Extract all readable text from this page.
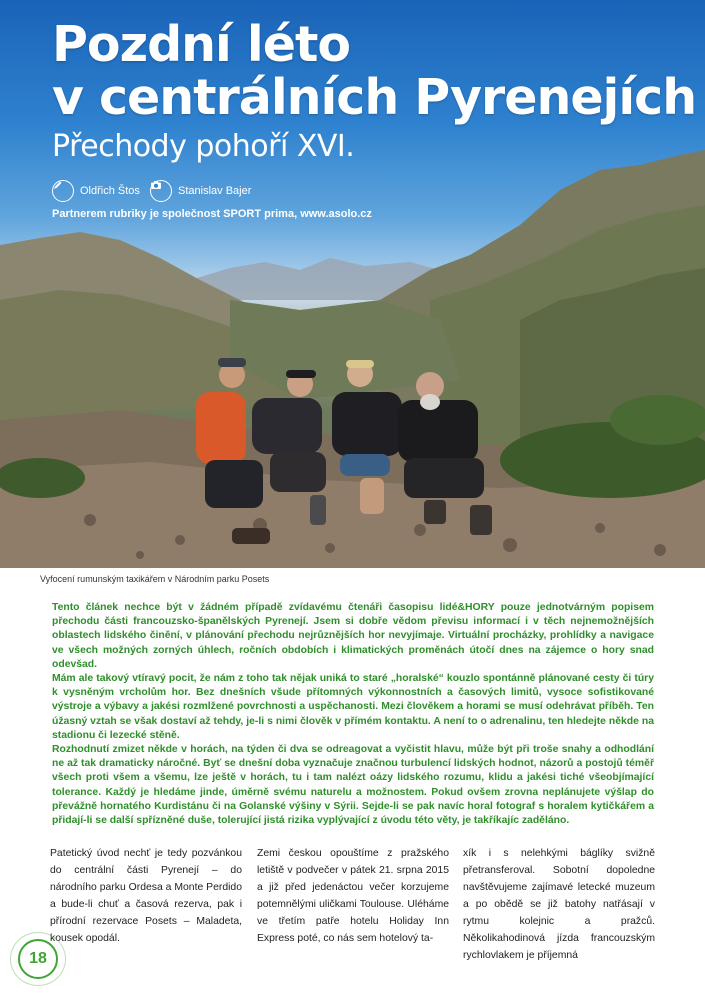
Pozdní léto
v centrálních Pyrenejích
Přechody pohoří XVI.
Oldřich Štos	Stanislav Bajer
Partnerem rubriky je společnost SPORT prima, www.asolo.cz
Vyfocení rumunským taxikářem v Národním parku Posets

Tento článek nechce být v žádném případě zvídavému čtenáři časopisu lidé&HORY pouze jednotvárným popisem přechodu části francouzsko-španělských Pyrenejí. Jsem si dobře vědom převisu informací i v těch nejnemožnějších oblastech lidského činění, v plánování přechodu nejrůznějších hor nevyjímaje. Virtuální procházky, prohlídky a navigace ve všech možných zorných úhlech, ročních obdobích i klimatických proměnách útočí dnes na zájemce o hory snad odevšad.

Mám ale takový vtíravý pocit, že nám z toho tak nějak uniká to staré „horalské“ kouzlo spontánně plánované cesty či túry k vysněným vrcholům hor. Bez dnešních všude přítomných výkonnostních a časových limitů, vysoce sofistikované výstroje a výbavy a jakési rozmlžené povrchnosti a uspěchanosti. Mezi člověkem a horami se musí odehrávat příběh. Ten úžasný vztah se však dostaví až tehdy, je-li s nimi člověk v přímém kontaktu. A není to o adrenalinu, ten hledejte někde na stadionu či lezecké stěně.

Rozhodnutí zmizet někde v horách, na týden či dva se odreagovat a vyčistit hlavu, může být při troše snahy a odhodlání ne až tak dramaticky náročné. Byť se dnešní doba vyznačuje značnou turbulencí lidských hodnot, názorů a postojů téměř všech proti všem a všemu, lze ještě v horách, tu i tam nalézt oázy lidského rozumu, klidu a jakési tiché všeobjímající tolerance. Každý je hledáme jinde, úměrně svému naturelu a možnostem. Pokud ovšem zrovna neplánujete výšlap do převážně hornatého Kurdistánu či na Golanské výšiny v Sýrii. Sejde-li se pak navíc horal fotograf s horalem kytičkářem a přidají-li se další spřízněné duše, tolerující jistá rizika vyplývající z úvodu této věty, je takříkajíc zaděláno.

Patetický úvod nechť je tedy pozvánkou do centrální části Pyrenejí – do národního parku Ordesa a Monte Perdido a bude-li chuť a časová rezerva, pak i přírodní rezervace Posets – Maladeta, kousek opodál.

Zemi českou opouštíme z pražského letiště v podvečer v pátek 21. srpna 2015 a již před jedenáctou večer korzujeme potemnělými uličkami Toulouse. Uléháme ve třetím patře hotelu Holiday Inn Express poté, co nás sem hotelový ta-

xík i s nelehkými báglíky svižně přetransferoval. Sobotní dopoledne navštěvujeme zajímavé letecké muzeum a po obědě se již batohy natřásají v rytmu kolejnic a pražců. Několikahodinová jízda francouzským rychlovlakem je příjemná

18
